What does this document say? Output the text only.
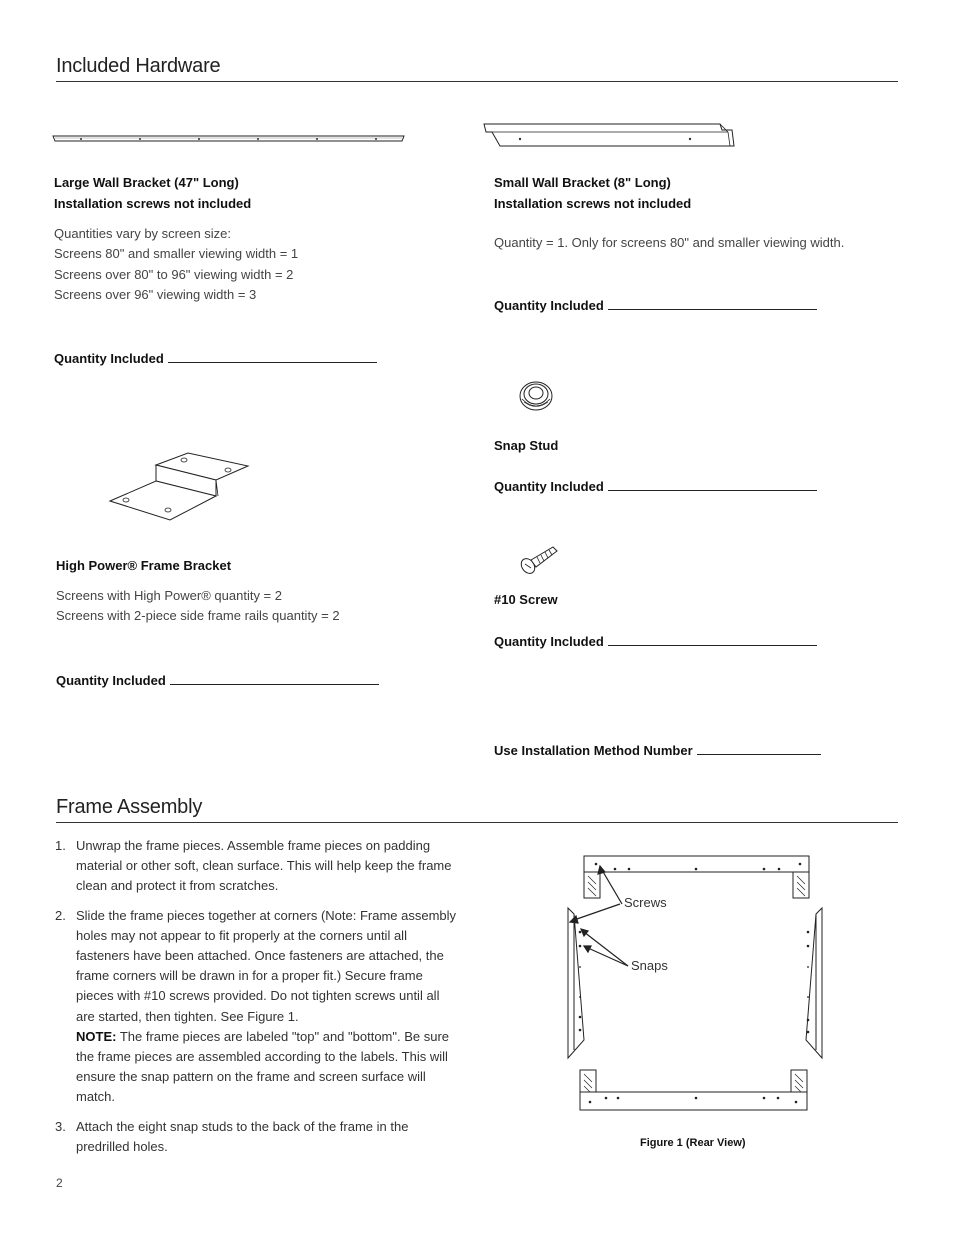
Included Hardware
Large Wall Bracket (47" Long)
Installation screws not included
Quantities vary by screen size:
Screens 80" and smaller viewing width = 1
Screens over 80" to 96" viewing width = 2
Screens over 96" viewing width = 3
Quantity Included
Small Wall Bracket (8" Long)
Installation screws not included
Quantity = 1. Only for screens 80" and smaller viewing width.
Quantity Included
Snap Stud
Quantity Included
High Power® Frame Bracket
Screens with High Power® quantity = 2
Screens with 2-piece side frame rails quantity = 2
Quantity Included
#10 Screw
Quantity Included
Use Installation Method Number
Frame Assembly
1. Unwrap the frame pieces. Assemble frame pieces on padding material or other soft, clean surface. This will help keep the frame clean and protect it from scratches.
2. Slide the frame pieces together at corners (Note: Frame assembly holes may not appear to fit properly at the corners until all fasteners have been attached. Once fasteners are attached, the frame corners will be drawn in for a proper fit.) Secure frame pieces with #10 screws provided. Do not tighten screws until all are started, then tighten. See Figure 1.
NOTE: The frame pieces are labeled "top" and "bottom". Be sure the frame pieces are assembled according to the labels. This will ensure the snap pattern on the frame and screen surface will match.
3. Attach the eight snap studs to the back of the frame in the predrilled holes.
Screws
Snaps
Figure 1 (Rear View)
2
